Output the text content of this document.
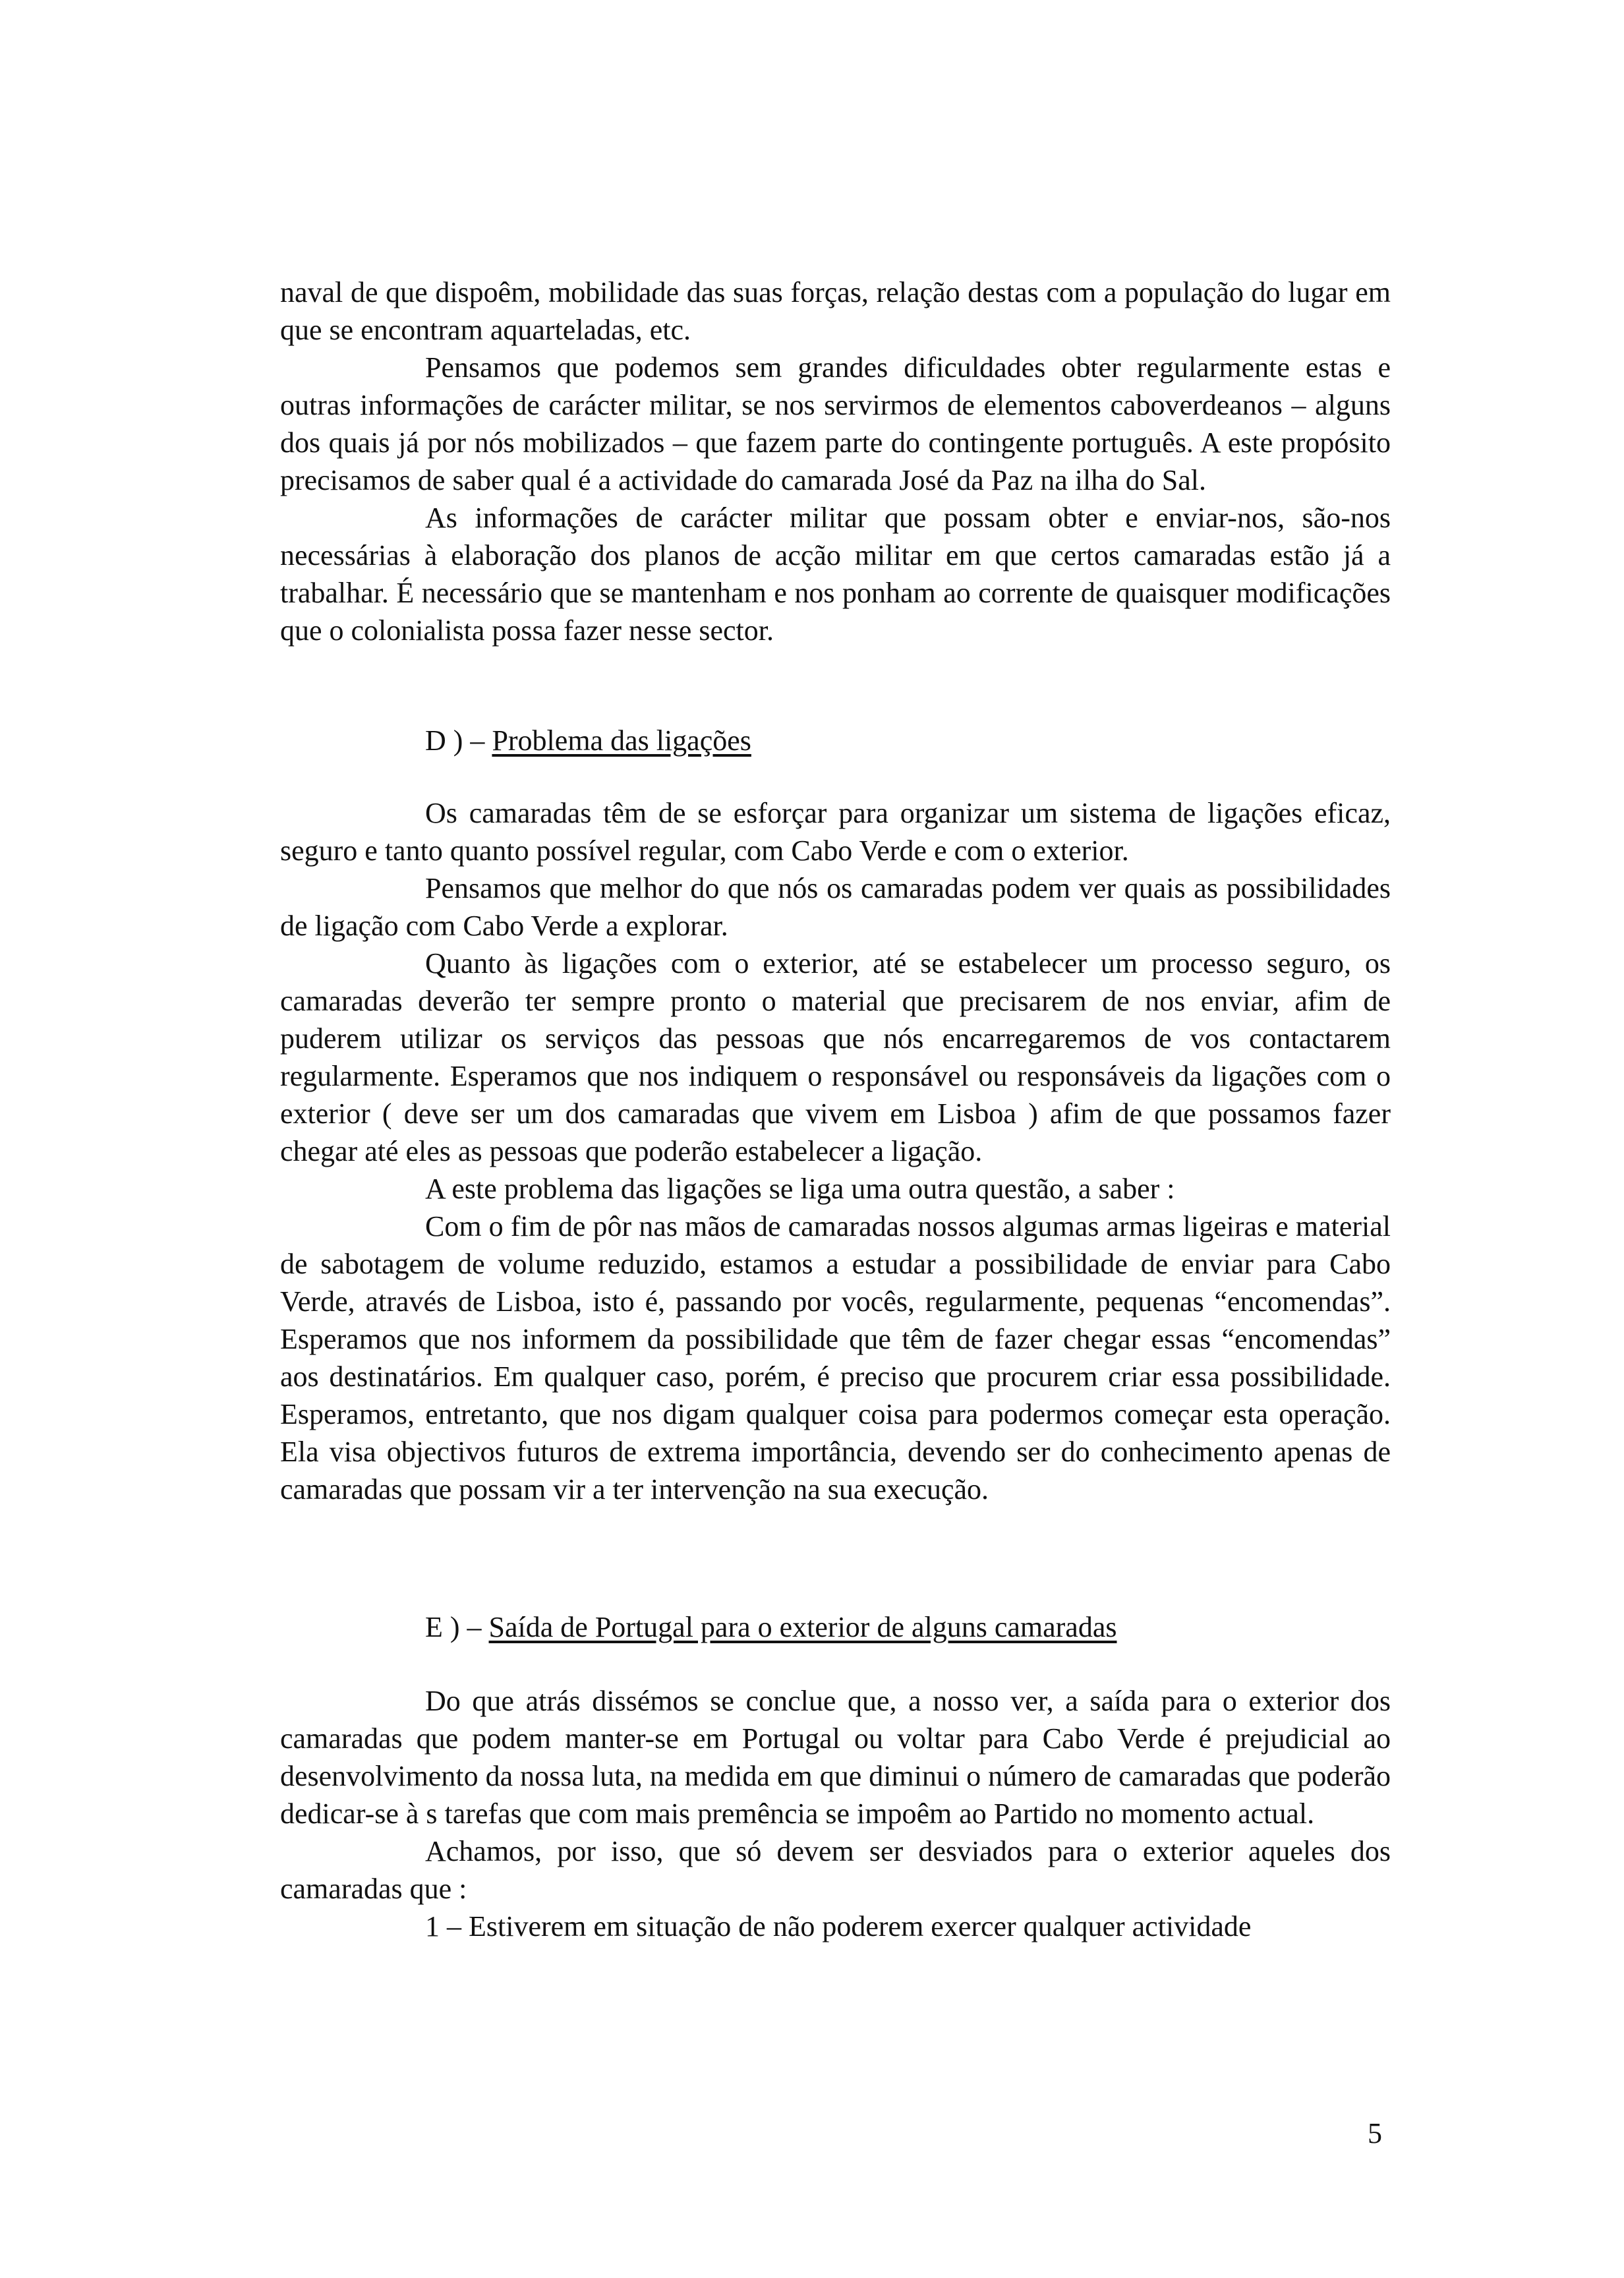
naval de que dispoêm, mobilidade das suas forças, relação destas com a população do lugar em que se encontram aquarteladas, etc.

Pensamos que podemos sem grandes dificuldades obter regularmente estas e outras informações de carácter militar, se nos servirmos de elementos caboverdeanos – alguns dos quais já por nós mobilizados – que fazem parte do contingente português. A este propósito precisamos de saber qual é a actividade do camarada José da Paz na ilha do Sal.

As informações de carácter militar que possam obter e enviar-nos, são-nos necessárias à elaboração dos planos de acção militar em que certos camaradas estão já a trabalhar. É necessário que se mantenham e nos ponham ao corrente de quaisquer modificações que o colonialista possa fazer nesse sector.

D ) – Problema das ligações

Os camaradas têm de se esforçar para organizar um sistema de ligações eficaz, seguro e tanto quanto possível regular, com Cabo Verde e com o exterior.

Pensamos que melhor do que nós os camaradas podem ver quais as possibilidades de ligação com Cabo Verde a explorar.

Quanto às ligações com o exterior, até se estabelecer um processo seguro, os camaradas deverão ter sempre pronto o material que precisarem de nos enviar, afim de puderem utilizar os serviços das pessoas que nós encarregaremos de vos contactarem regularmente. Esperamos que nos indiquem o responsável ou responsáveis da ligações com o exterior ( deve ser um dos camaradas que vivem em Lisboa ) afim de que possamos fazer chegar até eles as pessoas que poderão estabelecer a ligação.

A este problema das ligações se liga uma outra questão, a saber :

Com o fim de pôr nas mãos de camaradas nossos algumas armas ligeiras e material de sabotagem de volume reduzido, estamos a estudar a possibilidade de enviar para Cabo Verde, através de Lisboa, isto é, passando por vocês, regularmente, pequenas “encomendas”. Esperamos que nos informem da possibilidade que têm de fazer chegar essas “encomendas” aos destinatários. Em qualquer caso, porém, é preciso que procurem criar essa possibilidade. Esperamos, entretanto, que nos digam qualquer coisa para podermos começar esta operação. Ela visa objectivos futuros de extrema importância, devendo ser do conhecimento apenas de camaradas que possam vir a ter intervenção na sua execução.

E ) – Saída de Portugal para o exterior de alguns camaradas

Do que atrás dissémos se conclue que, a nosso ver, a saída para o exterior dos camaradas que podem manter-se em Portugal ou voltar para Cabo Verde é prejudicial ao desenvolvimento da nossa luta, na medida em que diminui o número de camaradas que poderão dedicar-se à s tarefas que com mais premência se impoêm ao Partido no momento actual.

Achamos, por isso, que só devem ser desviados para o exterior aqueles dos camaradas que :

1 – Estiverem em situação de não poderem exercer qualquer actividade

5
